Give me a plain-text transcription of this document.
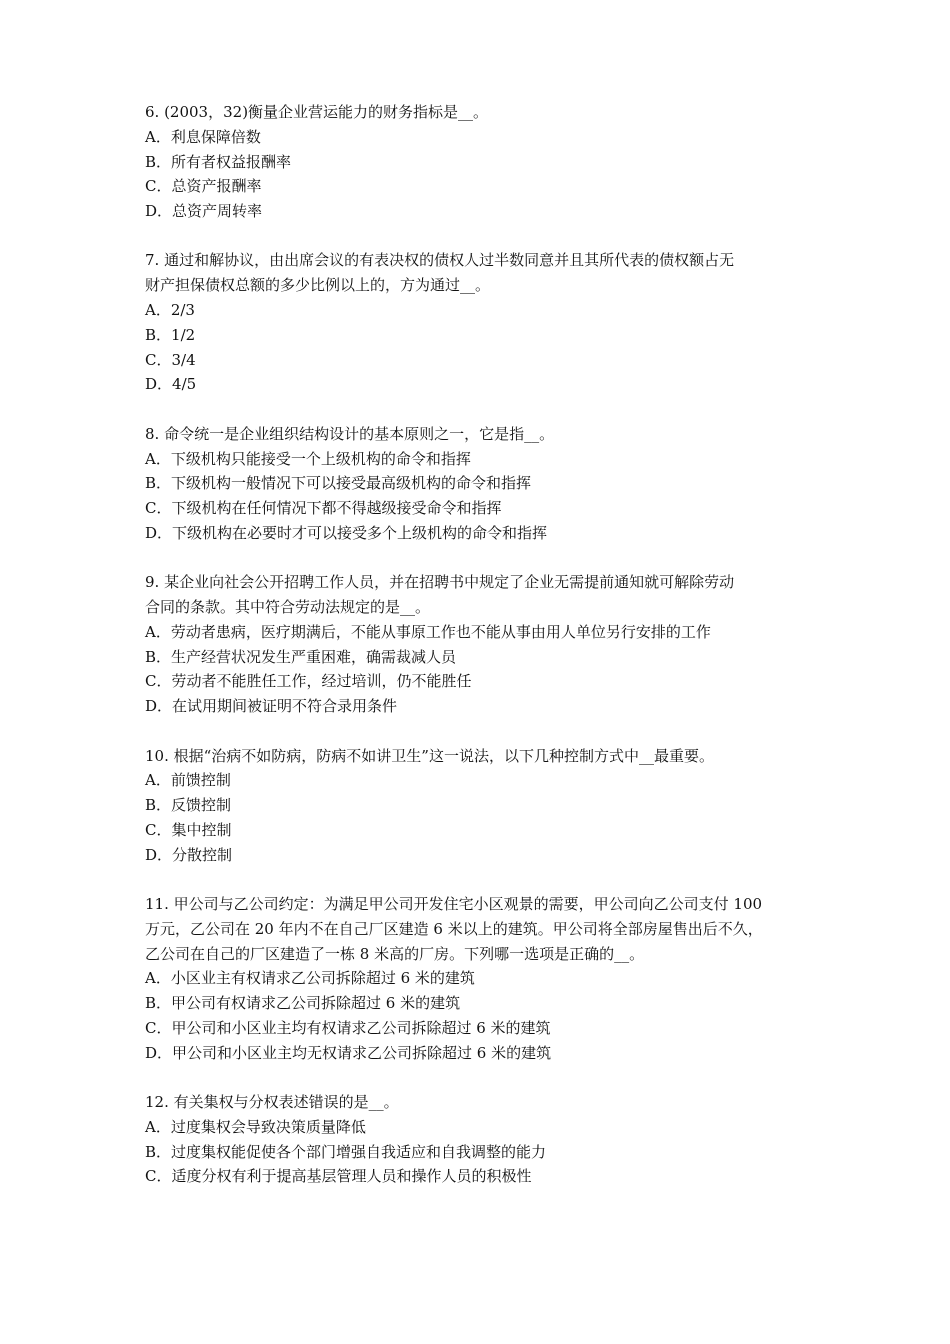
6. (2003，32)衡量企业营运能力的财务指标是__。

A．利息保障倍数

B．所有者权益报酬率

C．总资产报酬率

D．总资产周转率

7. 通过和解协议，由出席会议的有表决权的债权人过半数同意并且其所代表的债权额占无

财产担保债权总额的多少比例以上的，方为通过__。

A．2/3

B．1/2

C．3/4

D．4/5

8. 命令统一是企业组织结构设计的基本原则之一，它是指__。

A．下级机构只能接受一个上级机构的命令和指挥

B．下级机构一般情况下可以接受最高级机构的命令和指挥

C．下级机构在任何情况下都不得越级接受命令和指挥

D．下级机构在必要时才可以接受多个上级机构的命令和指挥

9. 某企业向社会公开招聘工作人员，并在招聘书中规定了企业无需提前通知就可解除劳动

合同的条款。其中符合劳动法规定的是__。

A．劳动者患病，医疗期满后，不能从事原工作也不能从事由用人单位另行安排的工作

B．生产经营状况发生严重困难，确需裁减人员

C．劳动者不能胜任工作，经过培训，仍不能胜任

D．在试用期间被证明不符合录用条件

10. 根据“治病不如防病，防病不如讲卫生”这一说法，以下几种控制方式中__最重要。

A．前馈控制

B．反馈控制

C．集中控制

D．分散控制

11. 甲公司与乙公司约定：为满足甲公司开发住宅小区观景的需要，甲公司向乙公司支付 100

万元，乙公司在 20 年内不在自己厂区建造 6 米以上的建筑。甲公司将全部房屋售出后不久，

乙公司在自己的厂区建造了一栋 8 米高的厂房。下列哪一选项是正确的__。

A．小区业主有权请求乙公司拆除超过 6 米的建筑

B．甲公司有权请求乙公司拆除超过 6 米的建筑

C．甲公司和小区业主均有权请求乙公司拆除超过 6 米的建筑

D．甲公司和小区业主均无权请求乙公司拆除超过 6 米的建筑

12. 有关集权与分权表述错误的是__。

A．过度集权会导致决策质量降低

B．过度集权能促使各个部门增强自我适应和自我调整的能力

C．适度分权有利于提高基层管理人员和操作人员的积极性
